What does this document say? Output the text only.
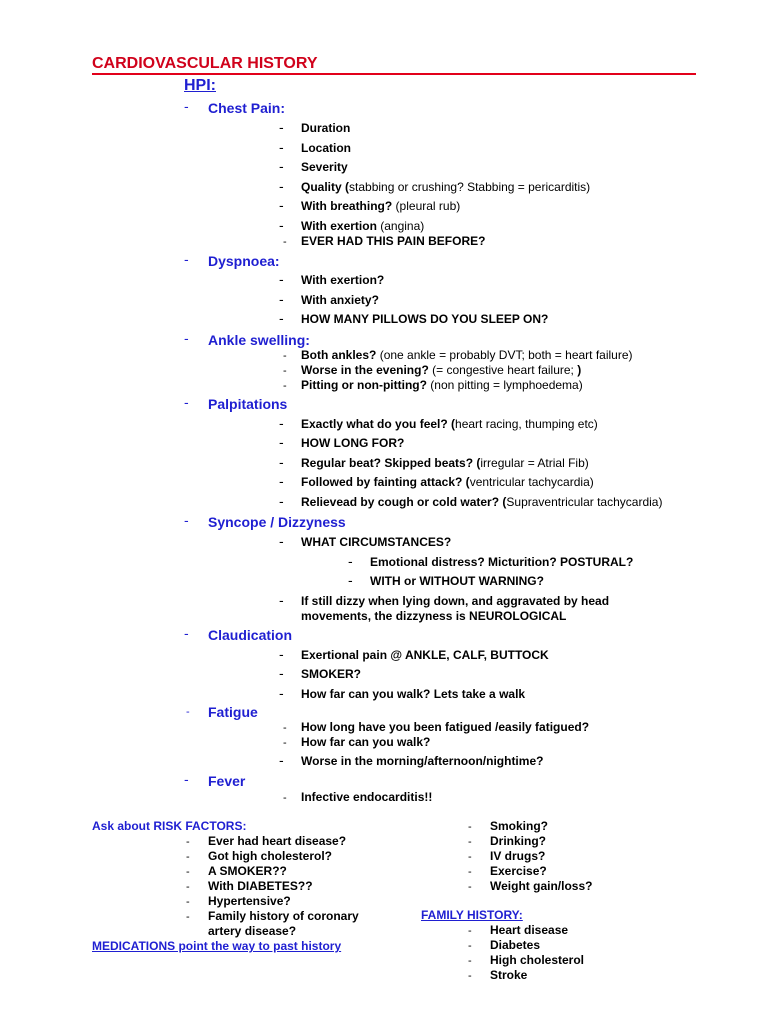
CARDIOVASCULAR HISTORY
HPI:
- Chest Pain:
- Duration
- Location
- Severity
- Quality (stabbing or crushing? Stabbing = pericarditis)
- With breathing? (pleural rub)
- With exertion (angina)
- EVER HAD THIS PAIN BEFORE?
- Dyspnoea:
- With exertion?
- With anxiety?
- HOW MANY PILLOWS DO YOU SLEEP ON?
- Ankle swelling:
- Both ankles? (one ankle = probably DVT; both = heart failure)
- Worse in the evening? (= congestive heart failure; )
- Pitting or non-pitting? (non pitting = lymphoedema)
- Palpitations
- Exactly what do you feel? (heart racing, thumping etc)
- HOW LONG FOR?
- Regular beat? Skipped beats? (irregular = Atrial Fib)
- Followed by fainting attack? (ventricular tachycardia)
- Relievead by cough or cold water? (Supraventricular tachycardia)
- Syncope / Dizzyness
- WHAT CIRCUMSTANCES?
- Emotional distress? Micturition? POSTURAL?
- WITH or WITHOUT WARNING?
- If still dizzy when lying down, and aggravated by head
movements, the dizzyness is NEUROLOGICAL
- Claudication
- Exertional pain @ ANKLE, CALF, BUTTOCK
- SMOKER?
- How far can you walk? Lets take a walk
- Fatigue
- How long have you been fatigued /easily fatigued?
- How far can you walk?
- Worse in the morning/afternoon/nightime?
- Fever
- Infective endocarditis!!
Ask about RISK FACTORS:
- Ever had heart disease?
- Got high cholesterol?
- A SMOKER??
- With DIABETES??
- Hypertensive?
- Family history of coronary
artery disease?
MEDICATIONS point the way to past history
- Smoking?
- Drinking?
- IV drugs?
- Exercise?
- Weight gain/loss?
FAMILY HISTORY:
- Heart disease
- Diabetes
- High cholesterol
- Stroke
